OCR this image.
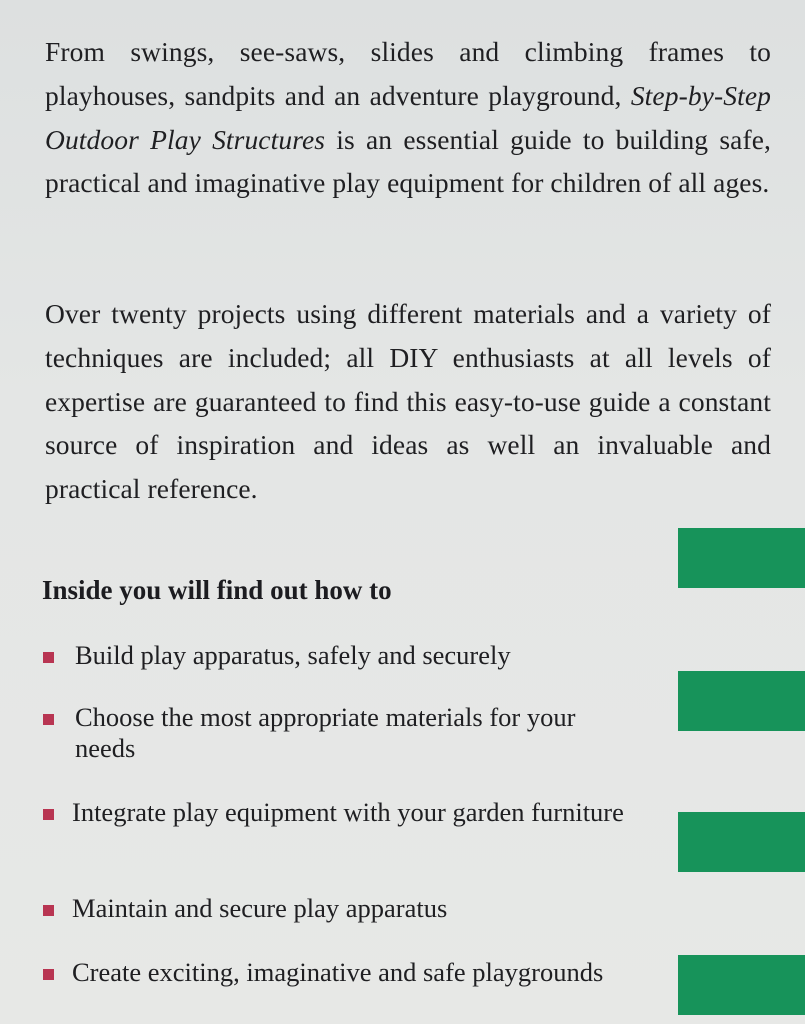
From swings, see-saws, slides and climbing frames to playhouses, sandpits and an adventure playground, Step-by-Step Outdoor Play Structures is an essential guide to building safe, practical and imaginative play equipment for children of all ages.

Over twenty projects using different materials and a variety of techniques are included; all DIY enthusiasts at all levels of expertise are guaranteed to find this easy-to-use guide a constant source of inspiration and ideas as well an invaluable and practical reference.

Inside you will find out how to
Build play apparatus, safely and securely
Choose the most appropriate materials for your needs
Integrate play equipment with your garden furniture
Maintain and secure play apparatus
Create exciting, imaginative and safe playgrounds
